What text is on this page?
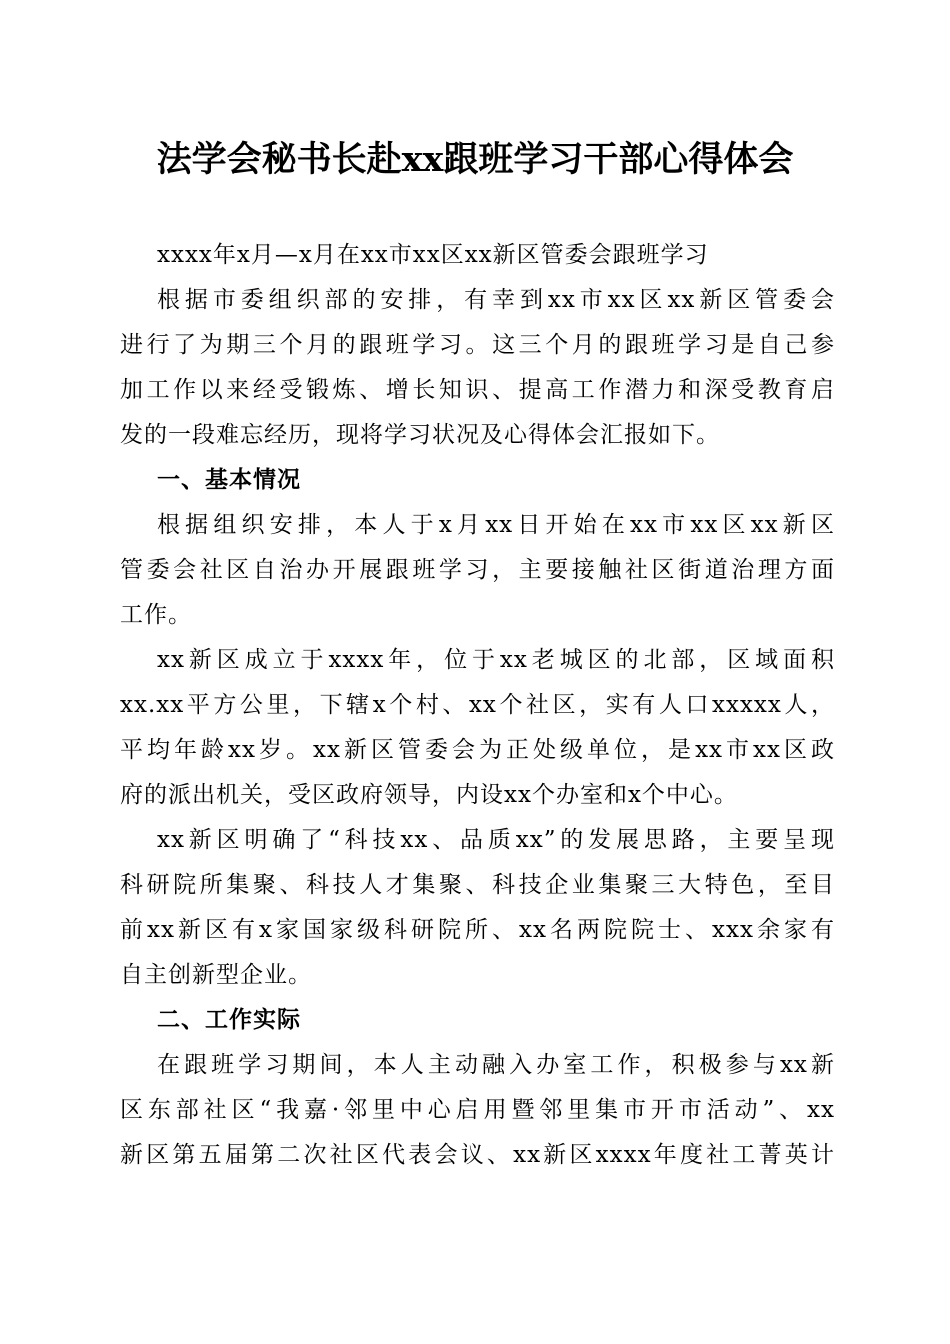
法学会秘书长赴xx跟班学习干部心得体会
xxxx年x月—x月在xx市xx区xx新区管委会跟班学习
根据市委组织部的安排，有幸到xx市xx区xx新区管委会
进行了为期三个月的跟班学习。这三个月的跟班学习是自己参
加工作以来经受锻炼、增长知识、提高工作潜力和深受教育启
发的一段难忘经历，现将学习状况及心得体会汇报如下。
一、基本情况
根据组织安排，本人于x月xx日开始在xx市xx区xx新区
管委会社区自治办开展跟班学习，主要接触社区街道治理方面
工作。
xx新区成立于xxxx年，位于xx老城区的北部，区域面积
xx.xx平方公里，下辖x个村、xx个社区，实有人口xxxxx人，
平均年龄xx岁。xx新区管委会为正处级单位，是xx市xx区政
府的派出机关，受区政府领导，内设xx个办室和x个中心。
xx新区明确了“科技xx、品质xx”的发展思路，主要呈现
科研院所集聚、科技人才集聚、科技企业集聚三大特色，至目
前xx新区有x家国家级科研院所、xx名两院院士、xxx余家有
自主创新型企业。
二、工作实际
在跟班学习期间，本人主动融入办室工作，积极参与xx新
区东部社区“我嘉·邻里中心启用暨邻里集市开市活动”、xx
新区第五届第二次社区代表会议、xx新区xxxx年度社工菁英计
